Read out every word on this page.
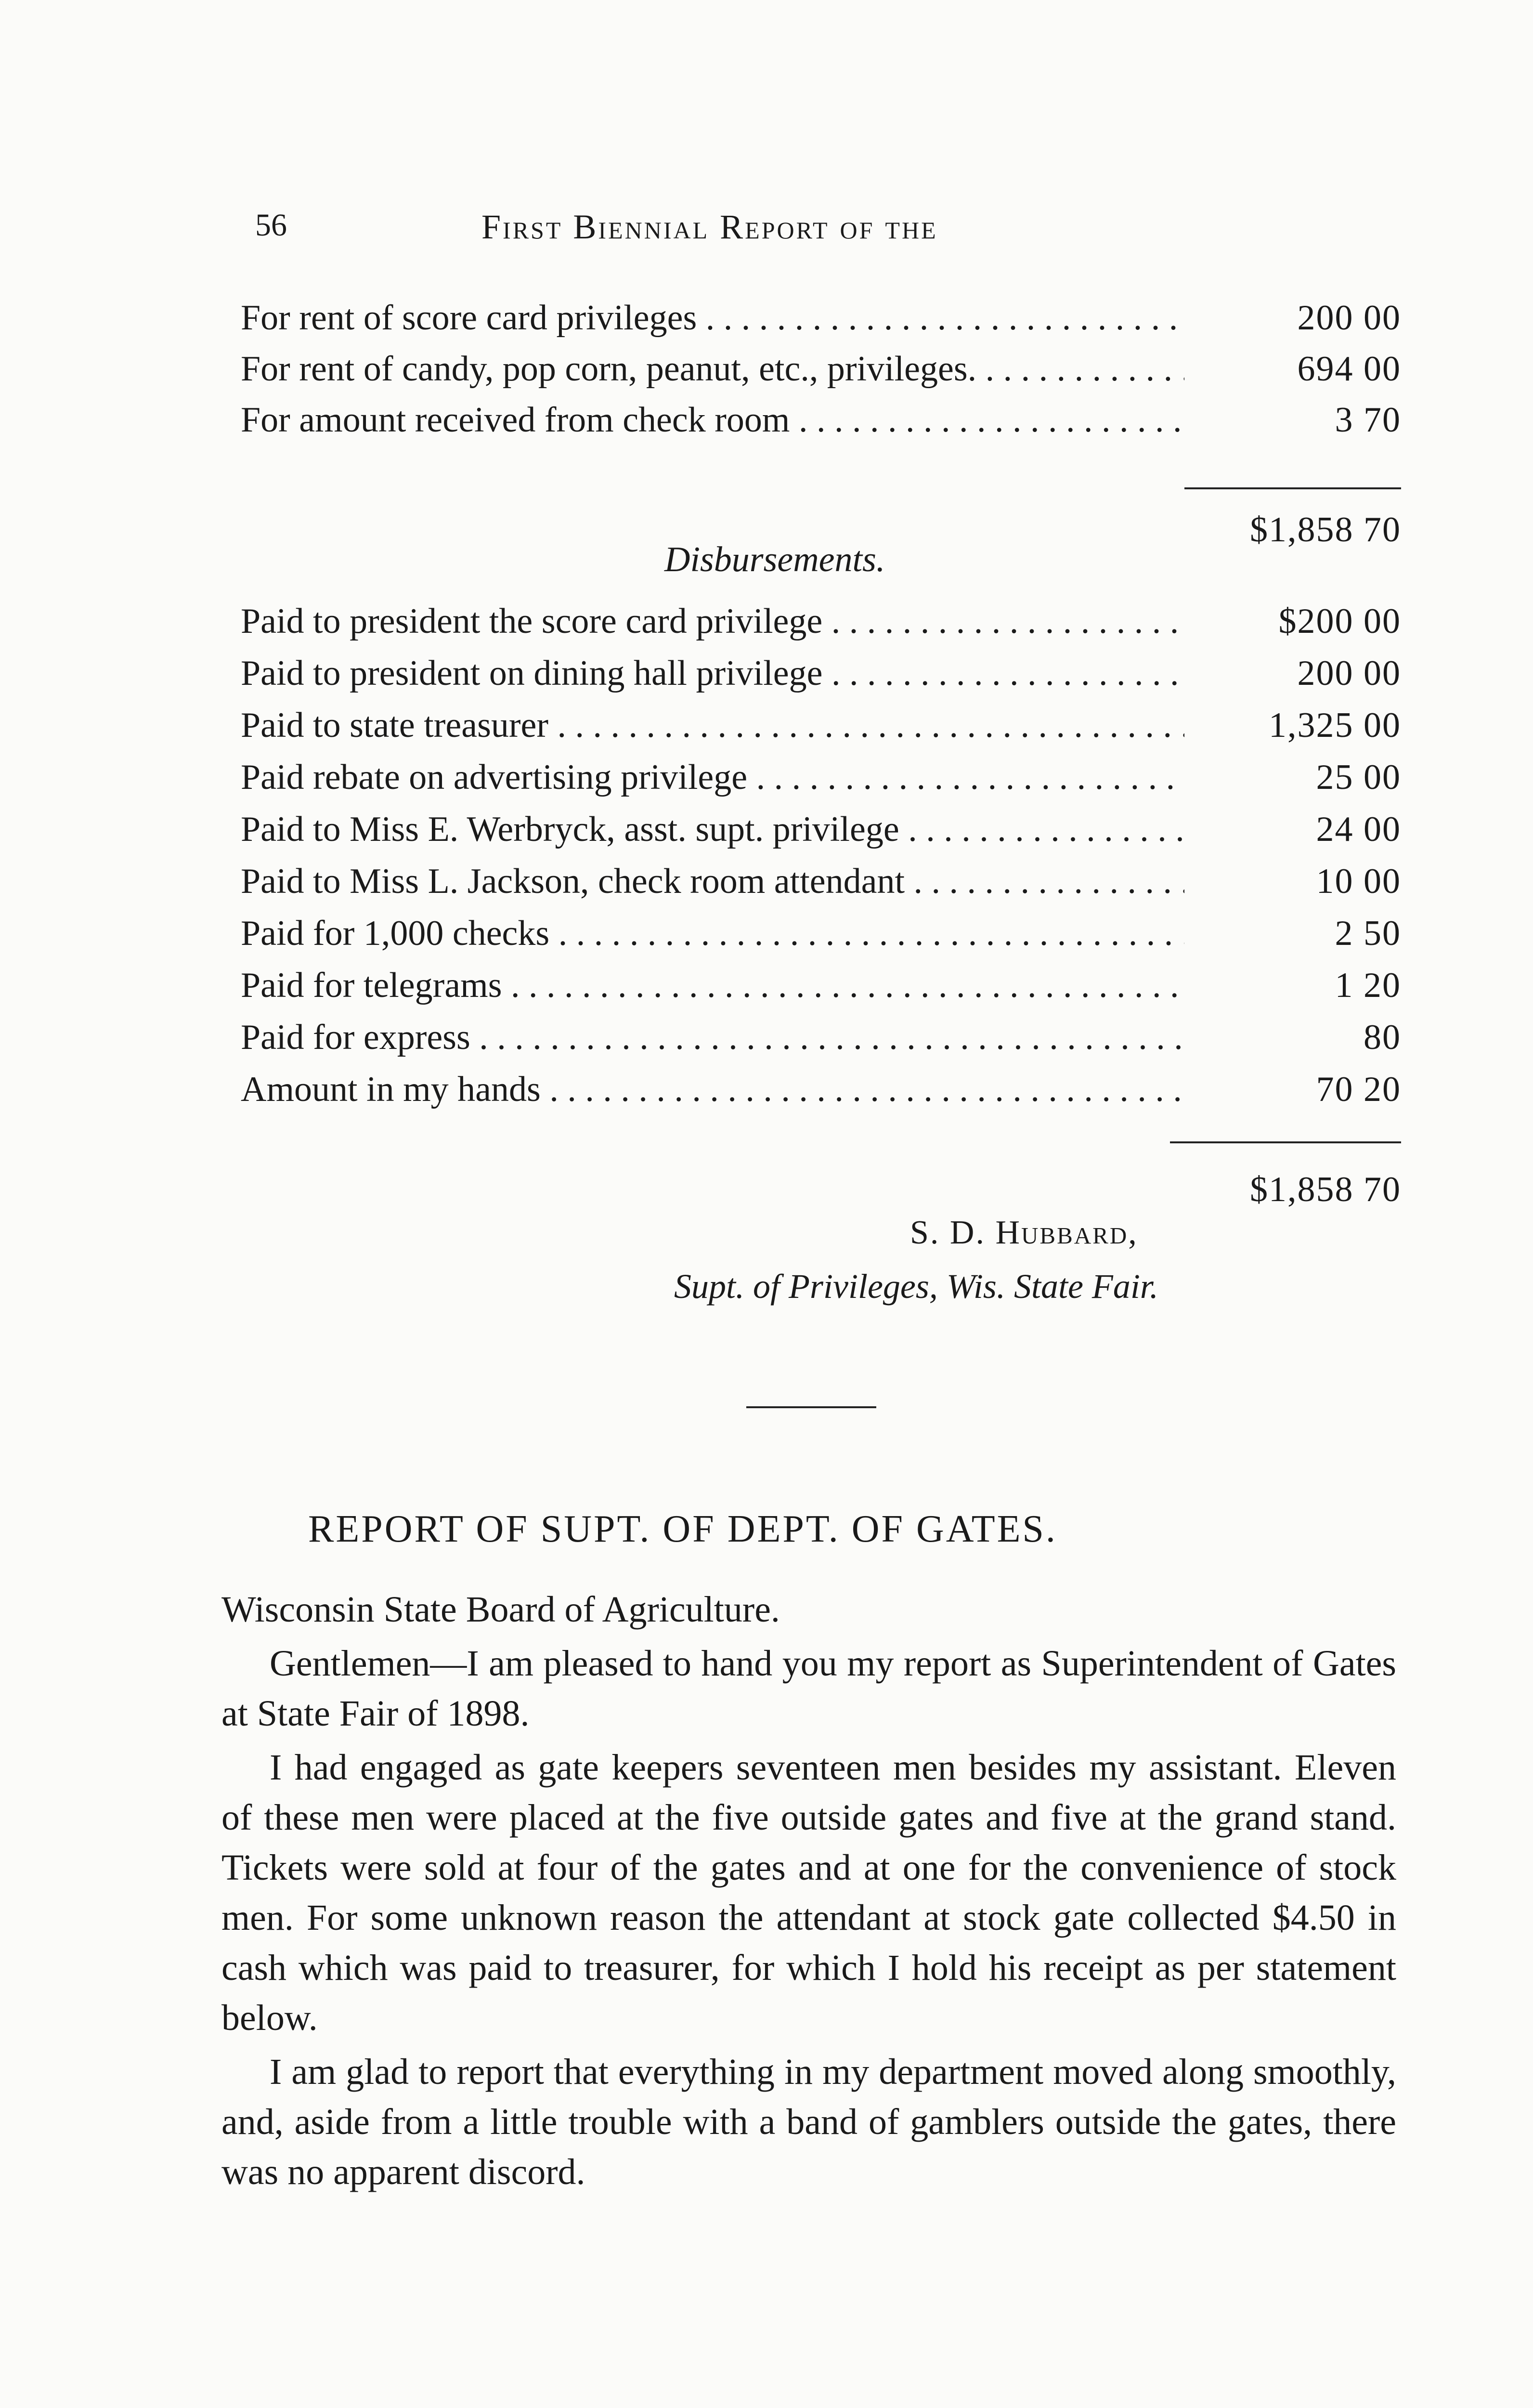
56	First Biennial Report of the
For rent of score card privileges . . .	200 00
For rent of candy, pop corn, peanut, etc., privileges. . . .	694 00
For amount received from check room . . .	3 70
$1,858 70
Disbursements.
Paid to president the score card privilege . . .	$200 00
Paid to president on dining hall privilege . . .	200 00
Paid to state treasurer . . .	1,325 00
Paid rebate on advertising privilege . . .	25 00
Paid to Miss E. Werbryck, asst. supt. privilege . . .	24 00
Paid to Miss L. Jackson, check room attendant . . .	10 00
Paid for 1,000 checks . . .	2 50
Paid for telegrams . . .	1 20
Paid for express . . .	80
Amount in my hands . . .	70 20
$1,858 70
S. D. Hubbard,
Supt. of Privileges, Wis. State Fair.
REPORT OF SUPT. OF DEPT. OF GATES.

Wisconsin State Board of Agriculture.

Gentlemen—I am pleased to hand you my report as Superintendent of Gates at State Fair of 1898.

I had engaged as gate keepers seventeen men besides my assistant. Eleven of these men were placed at the five outside gates and five at the grand stand. Tickets were sold at four of the gates and at one for the convenience of stock men. For some unknown reason the attendant at stock gate collected $4.50 in cash which was paid to treasurer, for which I hold his receipt as per statement below.

I am glad to report that everything in my department moved along smoothly, and, aside from a little trouble with a band of gamblers outside the gates, there was no apparent discord.
